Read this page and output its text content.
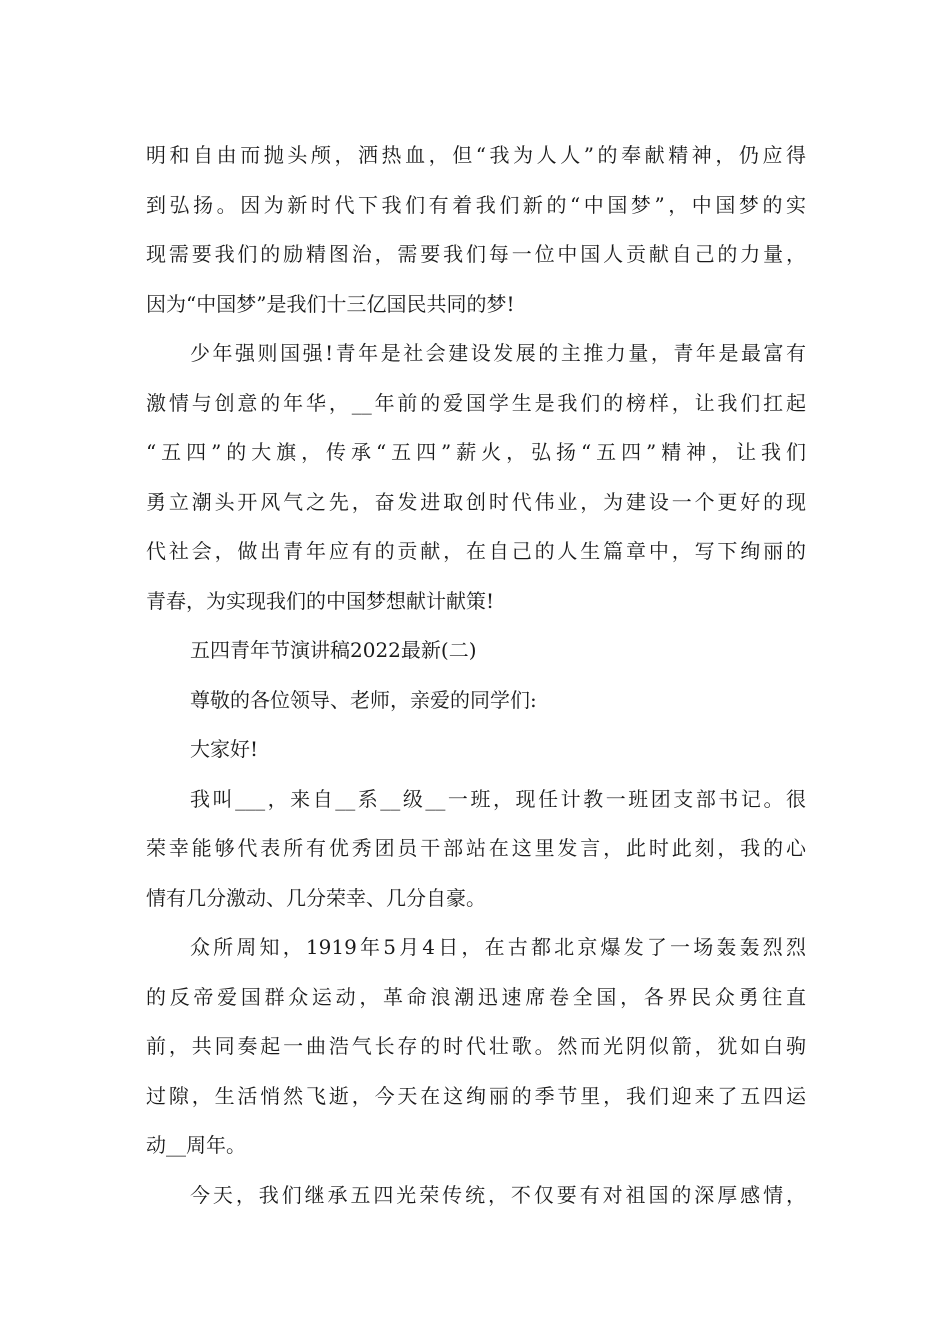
明和自由而抛头颅，洒热血，但“我为人人”的奉献精神，仍应得
到弘扬。因为新时代下我们有着我们新的“中国梦”，中国梦的实
现需要我们的励精图治，需要我们每一位中国人贡献自己的力量，
因为“中国梦”是我们十三亿国民共同的梦!
少年强则国强!青年是社会建设发展的主推力量，青年是最富有
激情与创意的年华，__年前的爱国学生是我们的榜样，让我们扛起
“五四”的大旗，传承“五四”薪火，弘扬“五四”精神，让我们
勇立潮头开风气之先，奋发进取创时代伟业，为建设一个更好的现
代社会，做出青年应有的贡献，在自己的人生篇章中，写下绚丽的
青春，为实现我们的中国梦想献计献策!
五四青年节演讲稿2022最新(二)
尊敬的各位领导、老师，亲爱的同学们:
大家好!
我叫___，来自__系__级__一班，现任计教一班团支部书记。很
荣幸能够代表所有优秀团员干部站在这里发言，此时此刻，我的心
情有几分激动、几分荣幸、几分自豪。
众所周知，1919年5月4日，在古都北京爆发了一场轰轰烈烈
的反帝爱国群众运动，革命浪潮迅速席卷全国，各界民众勇往直
前，共同奏起一曲浩气长存的时代壮歌。然而光阴似箭，犹如白驹
过隙，生活悄然飞逝，今天在这绚丽的季节里，我们迎来了五四运
动__周年。
今天，我们继承五四光荣传统，不仅要有对祖国的深厚感情，
